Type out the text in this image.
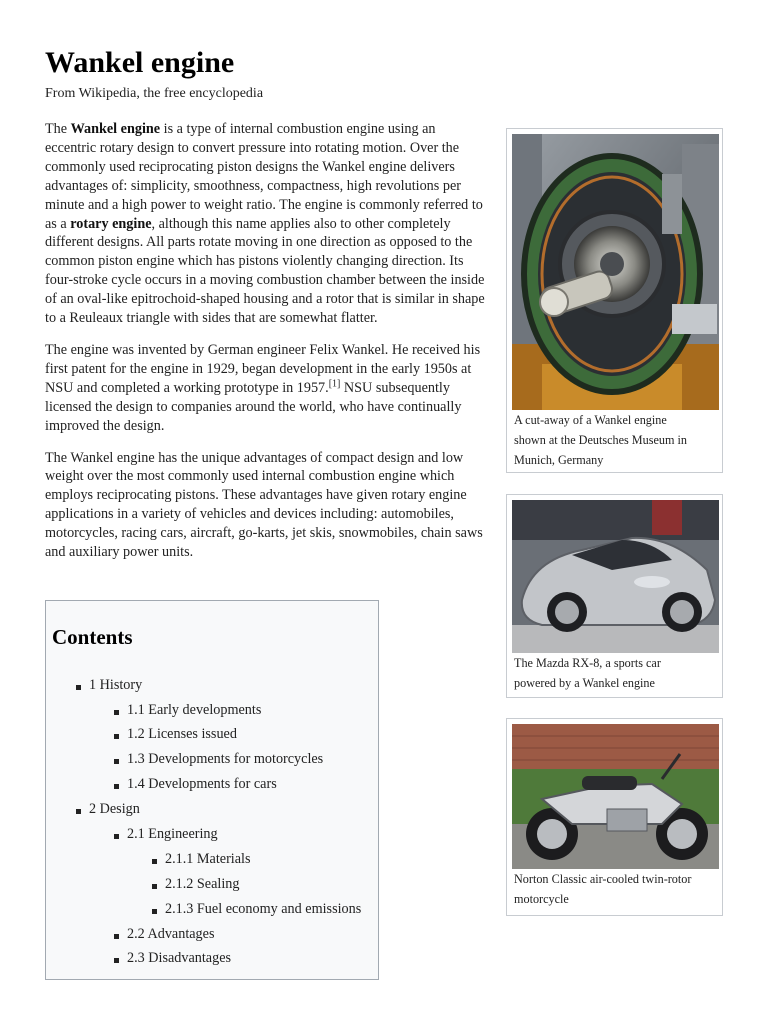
Wankel engine
From Wikipedia, the free encyclopedia

The Wankel engine is a type of internal combustion engine using an eccentric rotary design to convert pressure into rotating motion. Over the commonly used reciprocating piston designs the Wankel engine delivers advantages of: simplicity, smoothness, compactness, high revolutions per minute and a high power to weight ratio. The engine is commonly referred to as a rotary engine, although this name applies also to other completely different designs. All parts rotate moving in one direction as opposed to the common piston engine which has pistons violently changing direction. Its four-stroke cycle occurs in a moving combustion chamber between the inside of an oval-like epitrochoid-shaped housing and a rotor that is similar in shape to a Reuleaux triangle with sides that are somewhat flatter.

The engine was invented by German engineer Felix Wankel. He received his first patent for the engine in 1929, began development in the early 1950s at NSU and completed a working prototype in 1957.[1] NSU subsequently licensed the design to companies around the world, who have continually improved the design.

The Wankel engine has the unique advantages of compact design and low weight over the most commonly used internal combustion engine which employs reciprocating pistons. These advantages have given rotary engine applications in a variety of vehicles and devices including: automobiles, motorcycles, racing cars, aircraft, go-karts, jet skis, snowmobiles, chain saws and auxiliary power units.

A cut-away of a Wankel engine
shown at the Deutsches Museum in
Munich, Germany
The Mazda RX-8, a sports car
powered by a Wankel engine
Norton Classic air-cooled twin-rotor
motorcycle
Contents
1 History
1.1 Early developments
1.2 Licenses issued
1.3 Developments for motorcycles
1.4 Developments for cars
2 Design
2.1 Engineering
2.1.1 Materials
2.1.2 Sealing
2.1.3 Fuel economy and emissions
2.2 Advantages
2.3 Disadvantages
